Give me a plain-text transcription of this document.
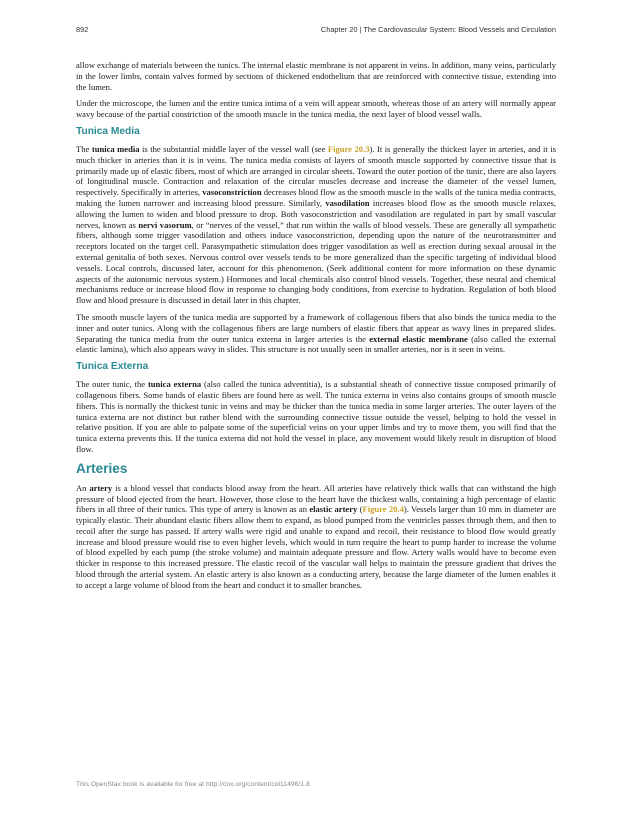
892	Chapter 20 | The Cardiovascular System: Blood Vessels and Circulation

allow exchange of materials between the tunics. The internal elastic membrane is not apparent in veins. In addition, many veins, particularly in the lower limbs, contain valves formed by sections of thickened endothelium that are reinforced with connective tissue, extending into the lumen.

Under the microscope, the lumen and the entire tunica intima of a vein will appear smooth, whereas those of an artery will normally appear wavy because of the partial constriction of the smooth muscle in the tunica media, the next layer of blood vessel walls.

Tunica Media

The tunica media is the substantial middle layer of the vessel wall (see Figure 20.3). It is generally the thickest layer in arteries, and it is much thicker in arteries than it is in veins. The tunica media consists of layers of smooth muscle supported by connective tissue that is primarily made up of elastic fibers, most of which are arranged in circular sheets. Toward the outer portion of the tunic, there are also layers of longitudinal muscle. Contraction and relaxation of the circular muscles decrease and increase the diameter of the vessel lumen, respectively. Specifically in arteries, vasoconstriction decreases blood flow as the smooth muscle in the walls of the tunica media contracts, making the lumen narrower and increasing blood pressure. Similarly, vasodilation increases blood flow as the smooth muscle relaxes, allowing the lumen to widen and blood pressure to drop. Both vasoconstriction and vasodilation are regulated in part by small vascular nerves, known as nervi vasorum, or “nerves of the vessel,” that run within the walls of blood vessels. These are generally all sympathetic fibers, although some trigger vasodilation and others induce vasoconstriction, depending upon the nature of the neurotransmitter and receptors located on the target cell. Parasympathetic stimulation does trigger vasodilation as well as erection during sexual arousal in the external genitalia of both sexes. Nervous control over vessels tends to be more generalized than the specific targeting of individual blood vessels. Local controls, discussed later, account for this phenomenon. (Seek additional content for more information on these dynamic aspects of the autonomic nervous system.) Hormones and local chemicals also control blood vessels. Together, these neural and chemical mechanisms reduce or increase blood flow in response to changing body conditions, from exercise to hydration. Regulation of both blood flow and blood pressure is discussed in detail later in this chapter.

The smooth muscle layers of the tunica media are supported by a framework of collagenous fibers that also binds the tunica media to the inner and outer tunics. Along with the collagenous fibers are large numbers of elastic fibers that appear as wavy lines in prepared slides. Separating the tunica media from the outer tunica externa in larger arteries is the external elastic membrane (also called the external elastic lamina), which also appears wavy in slides. This structure is not usually seen in smaller arteries, nor is it seen in veins.

Tunica Externa

The outer tunic, the tunica externa (also called the tunica adventitia), is a substantial sheath of connective tissue composed primarily of collagenous fibers. Some bands of elastic fibers are found here as well. The tunica externa in veins also contains groups of smooth muscle fibers. This is normally the thickest tunic in veins and may be thicker than the tunica media in some larger arteries. The outer layers of the tunica externa are not distinct but rather blend with the surrounding connective tissue outside the vessel, helping to hold the vessel in relative position. If you are able to palpate some of the superficial veins on your upper limbs and try to move them, you will find that the tunica externa prevents this. If the tunica externa did not hold the vessel in place, any movement would likely result in disruption of blood flow.

Arteries

An artery is a blood vessel that conducts blood away from the heart. All arteries have relatively thick walls that can withstand the high pressure of blood ejected from the heart. However, those close to the heart have the thickest walls, containing a high percentage of elastic fibers in all three of their tunics. This type of artery is known as an elastic artery (Figure 20.4). Vessels larger than 10 mm in diameter are typically elastic. Their abundant elastic fibers allow them to expand, as blood pumped from the ventricles passes through them, and then to recoil after the surge has passed. If artery walls were rigid and unable to expand and recoil, their resistance to blood flow would greatly increase and blood pressure would rise to even higher levels, which would in turn require the heart to pump harder to increase the volume of blood expelled by each pump (the stroke volume) and maintain adequate pressure and flow. Artery walls would have to become even thicker in response to this increased pressure. The elastic recoil of the vascular wall helps to maintain the pressure gradient that drives the blood through the arterial system. An elastic artery is also known as a conducting artery, because the large diameter of the lumen enables it to accept a large volume of blood from the heart and conduct it to smaller branches.

This OpenStax book is available for free at http://cnx.org/content/col11496/1.8
